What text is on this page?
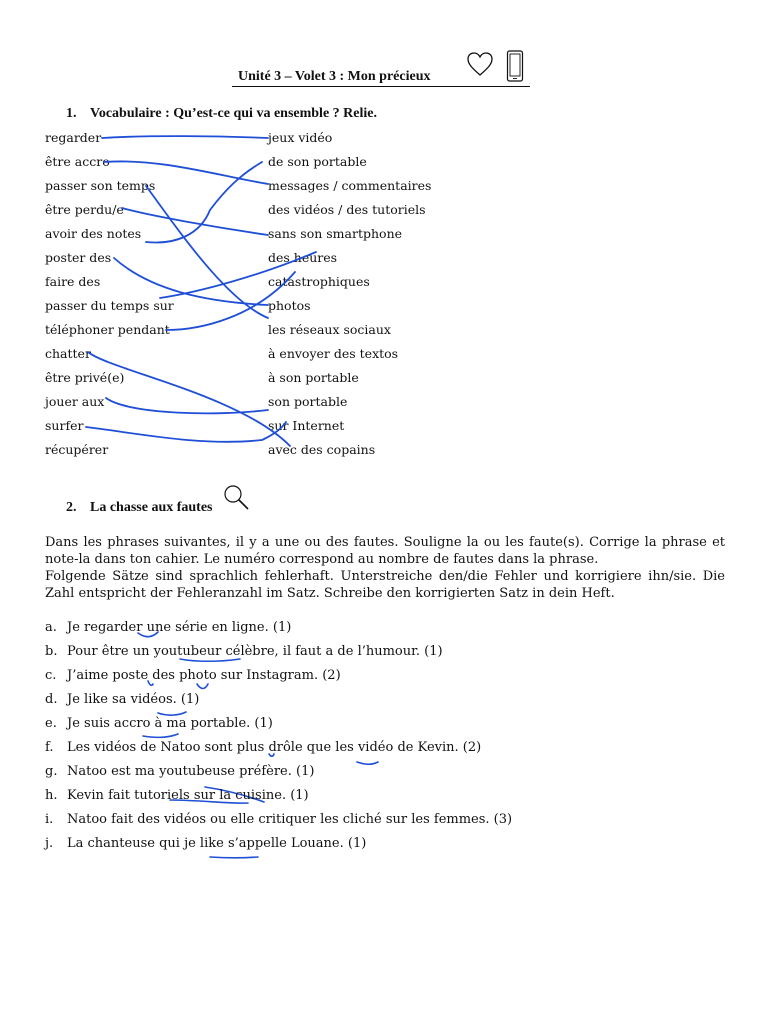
Unité 3 – Volet 3 : Mon précieux
1. Vocabulaire : Qu’est-ce qui va ensemble ? Relie.
regarder
être accro
passer son temps
être perdu/e
avoir des notes
poster des
faire des
passer du temps sur
téléphoner pendant
chatter
être privé(e)
jouer aux
surfer
récupérer
jeux vidéo
de son portable
messages / commentaires
des vidéos / des tutoriels
sans son smartphone
des heures
catastrophiques
photos
les réseaux sociaux
à envoyer des textos
à son portable
son portable
sur Internet
avec des copains
2. La chasse aux fautes
Dans les phrases suivantes, il y a une ou des fautes. Souligne la ou les faute(s). Corrige la phrase et note-la dans ton cahier. Le numéro correspond au nombre de fautes dans la phrase.
Folgende Sätze sind sprachlich fehlerhaft. Unterstreiche den/die Fehler und korrigiere ihn/sie. Die Zahl entspricht der Fehleranzahl im Satz. Schreibe den korrigierten Satz in dein Heft.
a. Je regarder une série en ligne. (1)
b. Pour être un youtubeur célèbre, il faut a de l’humour. (1)
c. J’aime poste des photo sur Instagram. (2)
d. Je like sa vidéos. (1)
e. Je suis accro à ma portable. (1)
f. Les vidéos de Natoo sont plus drôle que les vidéo de Kevin. (2)
g. Natoo est ma youtubeuse préfère. (1)
h. Kevin fait tutoriels sur la cuisine. (1)
i. Natoo fait des vidéos ou elle critiquer les cliché sur les femmes. (3)
j. La chanteuse qui je like s’appelle Louane. (1)
